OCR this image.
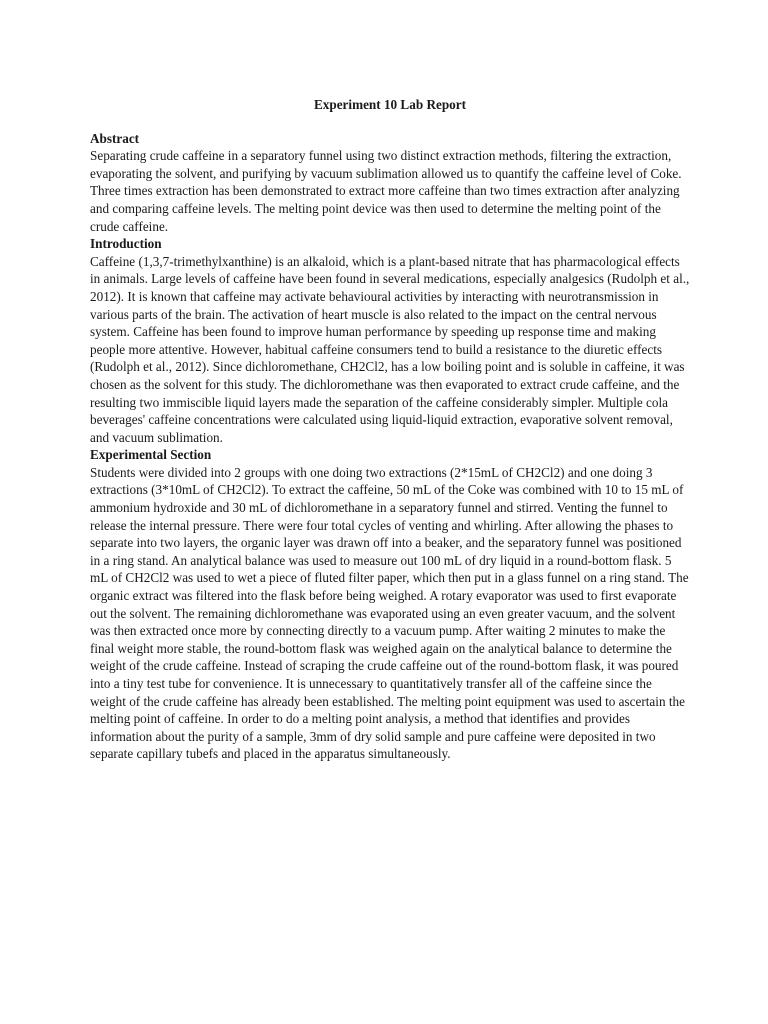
Experiment 10 Lab Report
Abstract
Separating crude caffeine in a separatory funnel using two distinct extraction methods, filtering the extraction, evaporating the solvent, and purifying by vacuum sublimation allowed us to quantify the caffeine level of Coke. Three times extraction has been demonstrated to extract more caffeine than two times extraction after analyzing and comparing caffeine levels. The melting point device was then used to determine the melting point of the crude caffeine.
Introduction
Caffeine (1,3,7-trimethylxanthine) is an alkaloid, which is a plant-based nitrate that has pharmacological effects in animals. Large levels of caffeine have been found in several medications, especially analgesics (Rudolph et al., 2012). It is known that caffeine may activate behavioural activities by interacting with neurotransmission in various parts of the brain. The activation of heart muscle is also related to the impact on the central nervous system. Caffeine has been found to improve human performance by speeding up response time and making people more attentive. However, habitual caffeine consumers tend to build a resistance to the diuretic effects (Rudolph et al., 2012). Since dichloromethane, CH2Cl2, has a low boiling point and is soluble in caffeine, it was chosen as the solvent for this study. The dichloromethane was then evaporated to extract crude caffeine, and the resulting two immiscible liquid layers made the separation of the caffeine considerably simpler. Multiple cola beverages' caffeine concentrations were calculated using liquid-liquid extraction, evaporative solvent removal, and vacuum sublimation.
Experimental Section
Students were divided into 2 groups with one doing two extractions (2*15mL of CH2Cl2) and one doing 3 extractions (3*10mL of CH2Cl2). To extract the caffeine, 50 mL of the Coke was combined with 10 to 15 mL of ammonium hydroxide and 30 mL of dichloromethane in a separatory funnel and stirred. Venting the funnel to release the internal pressure. There were four total cycles of venting and whirling. After allowing the phases to separate into two layers, the organic layer was drawn off into a beaker, and the separatory funnel was positioned in a ring stand. An analytical balance was used to measure out 100 mL of dry liquid in a round-bottom flask. 5 mL of CH2Cl2 was used to wet a piece of fluted filter paper, which then put in a glass funnel on a ring stand. The organic extract was filtered into the flask before being weighed. A rotary evaporator was used to first evaporate out the solvent. The remaining dichloromethane was evaporated using an even greater vacuum, and the solvent was then extracted once more by connecting directly to a vacuum pump. After waiting 2 minutes to make the final weight more stable, the round-bottom flask was weighed again on the analytical balance to determine the weight of the crude caffeine. Instead of scraping the crude caffeine out of the round-bottom flask, it was poured into a tiny test tube for convenience. It is unnecessary to quantitatively transfer all of the caffeine since the weight of the crude caffeine has already been established. The melting point equipment was used to ascertain the melting point of caffeine. In order to do a melting point analysis, a method that identifies and provides information about the purity of a sample, 3mm of dry solid sample and pure caffeine were deposited in two separate capillary tubefs and placed in the apparatus simultaneously.
